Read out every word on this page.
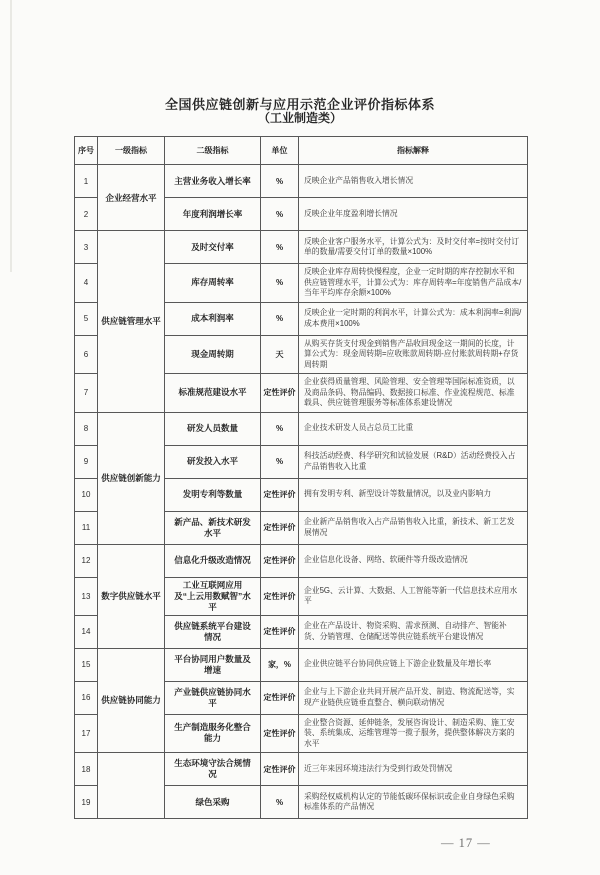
全国供应链创新与应用示范企业评价指标体系
（工业制造类）
序号	一级指标	二级指标	单位	指标解释
1	企业经营水平	主营业务收入增长率	%	反映企业产品销售收入增长情况
2		年度利润增长率	%	反映企业年度盈利增长情况
3	供应链管理水平	及时交付率	%	反映企业客户服务水平，计算公式为：及时交付率=按时交付订单的数量/需要交付订单的数量×100%
4		库存周转率	%	反映企业库存周转快慢程度，企业一定时期的库存控制水平和供应链管理水平，计算公式为：库存周转率=年度销售产品成本/当年平均库存余额×100%
5		成本利润率	%	反映企业一定时期的利润水平，计算公式为：成本利润率=利润/成本费用×100%
6		现金周转期	天	从购买存货支付现金到销售产品收回现金这一期间的长度，计算公式为：现金周转期=应收账款周转期-应付账款周转期+存货周转期
7		标准规范建设水平	定性评价	企业获得质量管理、风险管理、安全管理等国际标准资质，以及商品条码、物品编码、数据接口标准、作业流程规范、标准载具、供应链管理服务等标准体系建设情况
8	供应链创新能力	研发人员数量	%	企业技术研发人员占总员工比重
9		研发投入水平	%	科技活动经费、科学研究和试验发展（R&D）活动经费投入占产品销售收入比重
10		发明专利等数量	定性评价	拥有发明专利、新型设计等数量情况，以及业内影响力
11		新产品、新技术研发水平	定性评价	企业新产品销售收入占产品销售收入比重，新技术、新工艺发展情况
12	数字供应链水平	信息化升级改造情况	定性评价	企业信息化设备、网络、软硬件等升级改造情况
13		工业互联网应用及“上云用数赋智”水平	定性评价	企业5G、云计算、大数据、人工智能等新一代信息技术应用水平
14		供应链系统平台建设情况	定性评价	企业在产品设计、物资采购、需求预测、自动排产、智能补货、分销管理、仓储配送等供应链系统平台建设情况
15	供应链协同能力	平台协同用户数量及增速	家，%	企业供应链平台协同供应链上下游企业数量及年增长率
16		产业链供应链协同水平	定性评价	企业与上下游企业共同开展产品开发、制造、物流配送等，实现产业链供应链垂直整合、横向联动情况
17		生产制造服务化整合能力	定性评价	企业整合资源、延伸链条，发展咨询设计、制造采购、施工安装、系统集成、运维管理等一揽子服务，提供整体解决方案的水平
18		生态环境守法合规情况	定性评价	近三年来因环境违法行为受到行政处罚情况
19		绿色采购	%	采购经权威机构认定的节能低碳环保标识或企业自身绿色采购标准体系的产品情况
— 17 —
